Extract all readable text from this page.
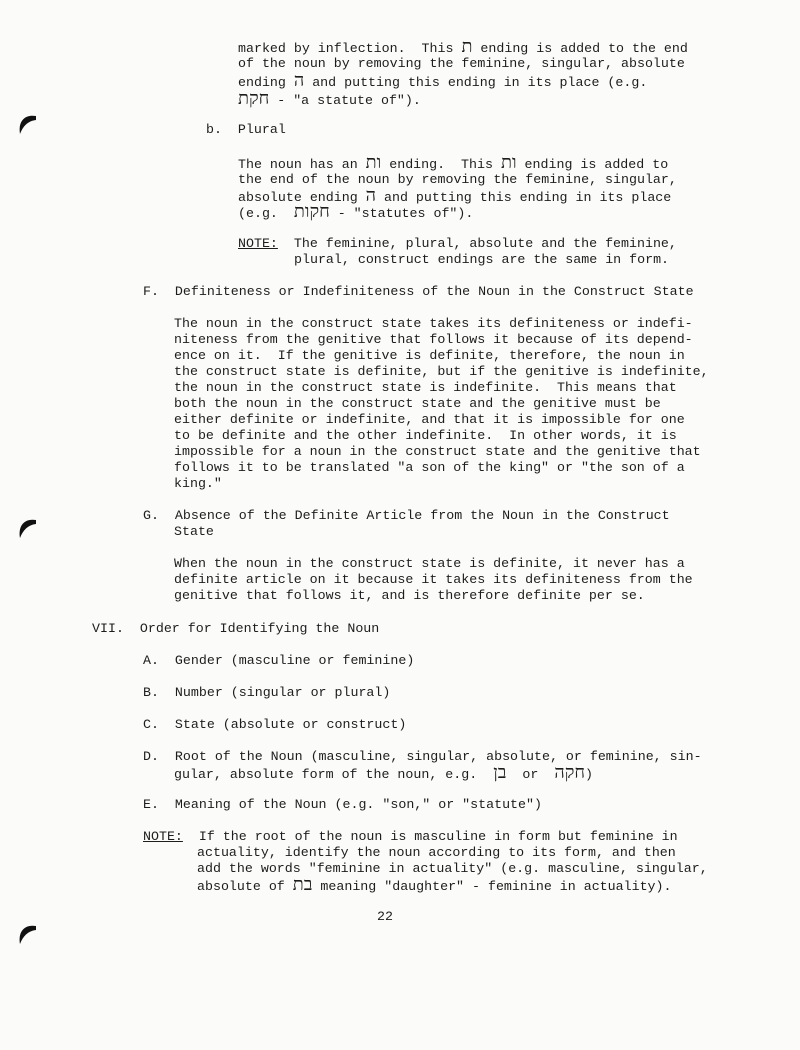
marked by inflection.  This ת ending is added to the end
of the noun by removing the feminine, singular, absolute
ending ה and putting this ending in its place (e.g.
חקת - "a statute of").
b.  Plural
The noun has an ות ending.  This ות ending is added to
the end of the noun by removing the feminine, singular,
absolute ending ה and putting this ending in its place
(e.g.  חקות - "statutes of").
NOTE:  The feminine, plural, absolute and the feminine,
plural, construct endings are the same in form.
F.  Definiteness or Indefiniteness of the Noun in the Construct State
The noun in the construct state takes its definiteness or indefi-
niteness from the genitive that follows it because of its depend-
ence on it.  If the genitive is definite, therefore, the noun in
the construct state is definite, but if the genitive is indefinite,
the noun in the construct state is indefinite.  This means that
both the noun in the construct state and the genitive must be
either definite or indefinite, and that it is impossible for one
to be definite and the other indefinite.  In other words, it is
impossible for a noun in the construct state and the genitive that
follows it to be translated "a son of the king" or "the son of a
king."
G.  Absence of the Definite Article from the Noun in the Construct
State
When the noun in the construct state is definite, it never has a
definite article on it because it takes its definiteness from the
genitive that follows it, and is therefore definite per se.
VII.  Order for Identifying the Noun
A.  Gender (masculine or feminine)
B.  Number (singular or plural)
C.  State (absolute or construct)
D.  Root of the Noun (masculine, singular, absolute, or feminine, sin-
gular, absolute form of the noun, e.g.  בן  or  חקה)
E.  Meaning of the Noun (e.g. "son," or "statute")
NOTE:  If the root of the noun is masculine in form but feminine in
actuality, identify the noun according to its form, and then
add the words "feminine in actuality" (e.g. masculine, singular,
absolute of בת meaning "daughter" - feminine in actuality).
22
